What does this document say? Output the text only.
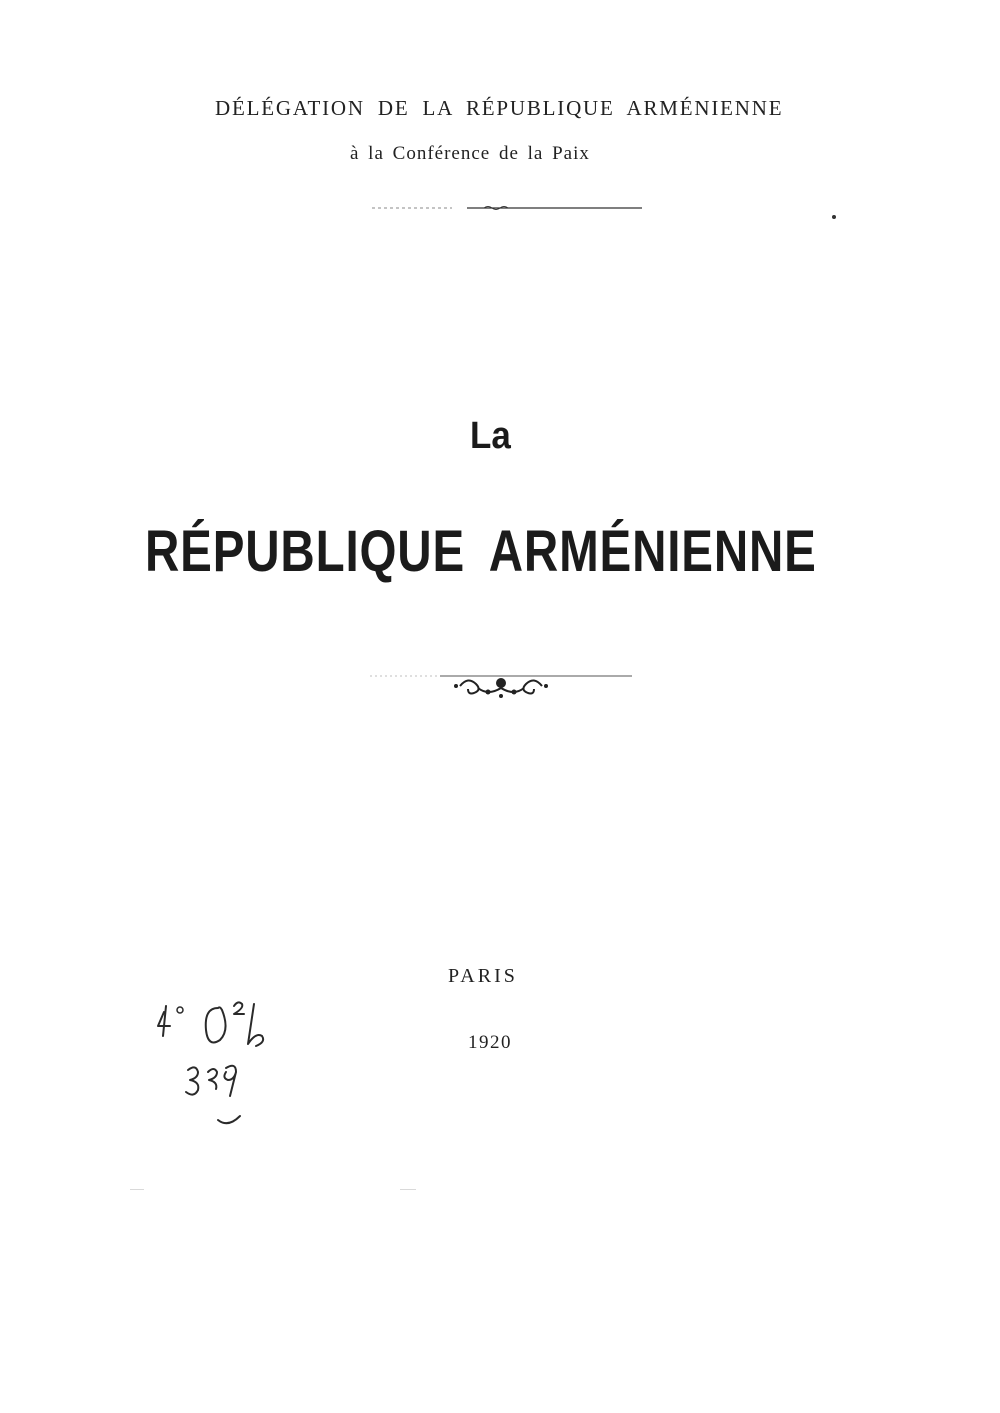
DÉLÉGATION DE LA RÉPUBLIQUE ARMÉNIENNE
à la Conférence de la Paix
La
RÉPUBLIQUE ARMÉNIENNE
PARIS
1920
